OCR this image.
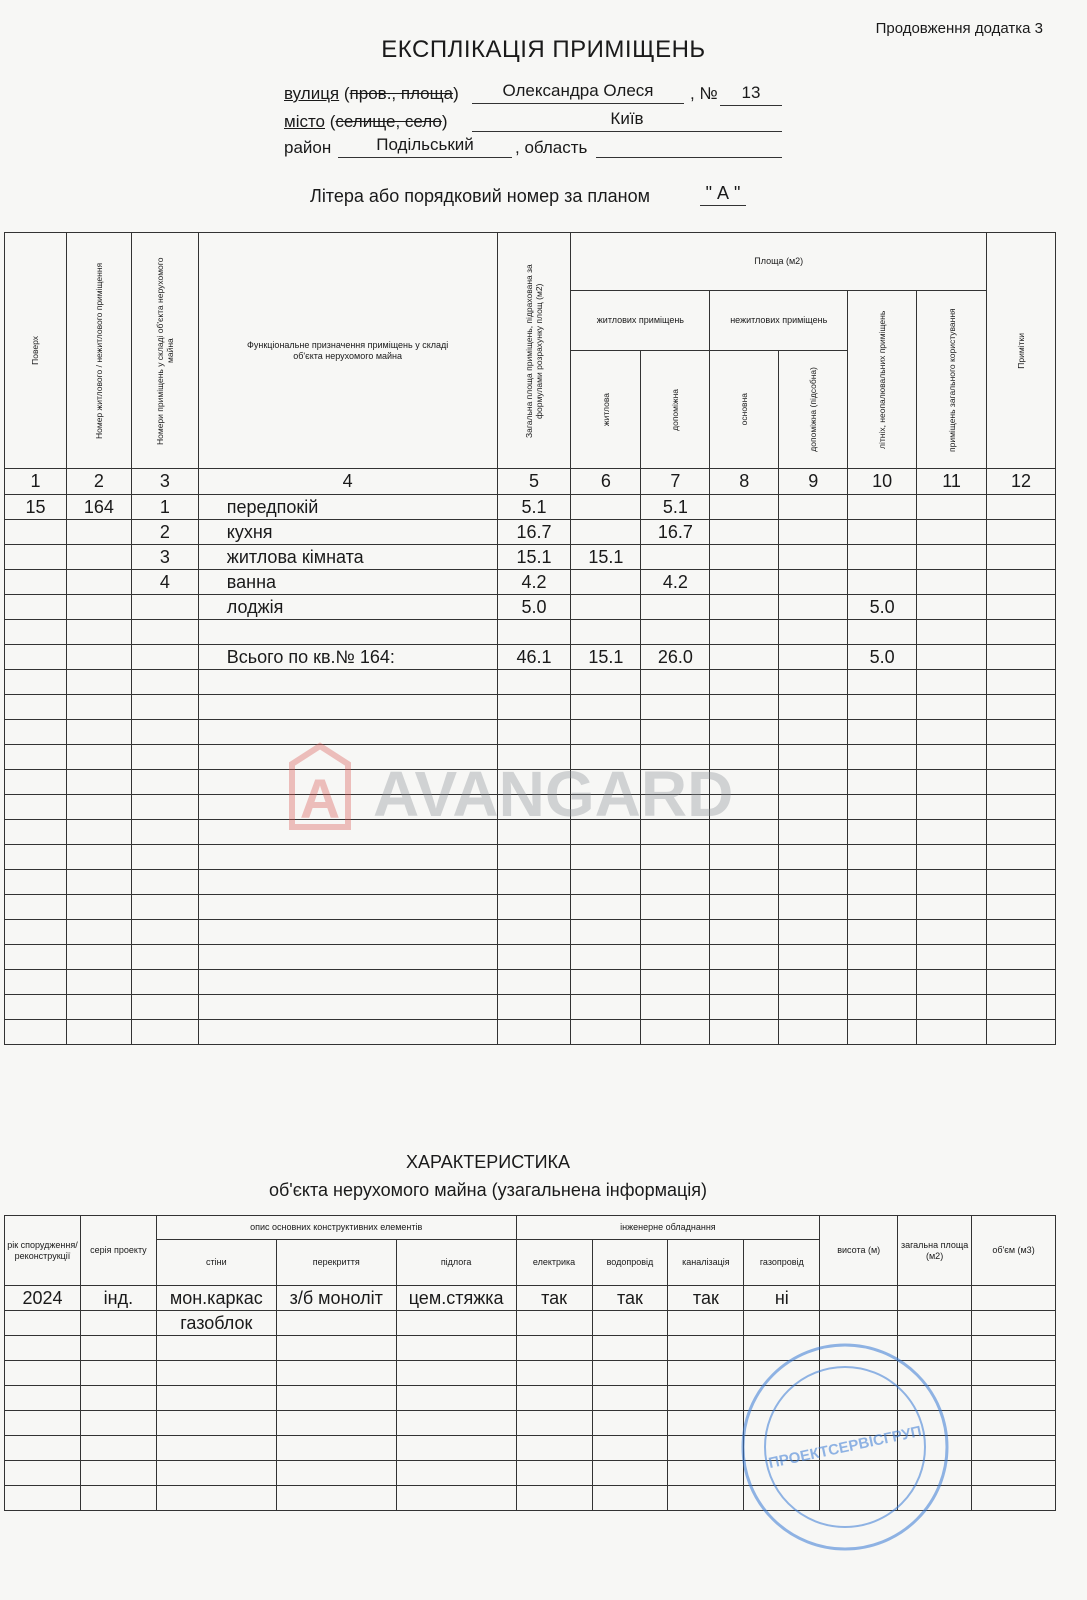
Продовження додатка 3
ЕКСПЛІКАЦІЯ ПРИМІЩЕНЬ
вулиця (пров., площа)	Олександра Олеся	, №	13
місто (селище, село)	Київ
район	Подільський	, область
Літера або порядковий номер за планом	" А "
Поверх	Номер житлового / нежитлового приміщення	Номери приміщень у складі об'єкта нерухомого майна	Функціональне призначення приміщень у складі об'єкта нерухомого майна	Загальна площа приміщень, підрахована за формулами розрахунку площ (м2)	Площа (м2)						Примітки

					житлових приміщень		нежитлових приміщень		літніх, неопалювальних приміщень	приміщень загального користування	

					житлова	допоміжна	основна	допоміжна (підсобна)			

1	2	3	4	5	6	7	8	9	10	11	12
15	164	1	передпокій	5.1		5.1					
		2	кухня	16.7		16.7					
		3	житлова кімната	15.1	15.1						
		4	ванна	4.2		4.2					
			лоджія	5.0					5.0		

			Всього по кв.№ 164:	46.1	15.1	26.0			5.0		

A AVANGARD
ХАРАКТЕРИСТИКА
об'єкта нерухомого майна (узагальнена інформація)
рік спорудження/ реконструкції	серія проекту	опис основних конструктивних елементів			інженерне обладнання				висота (м)	загальна площа (м2)	об'єм (м3)
		стіни	перекриття	підлога	електрика	водопровід	каналізація	газопровід			
2024	інд.	мон.каркас	з/б моноліт	цем.стяжка	так	так	так	ні			
		газоблок									

ПРОЕКТСЕРВІСГРУП
